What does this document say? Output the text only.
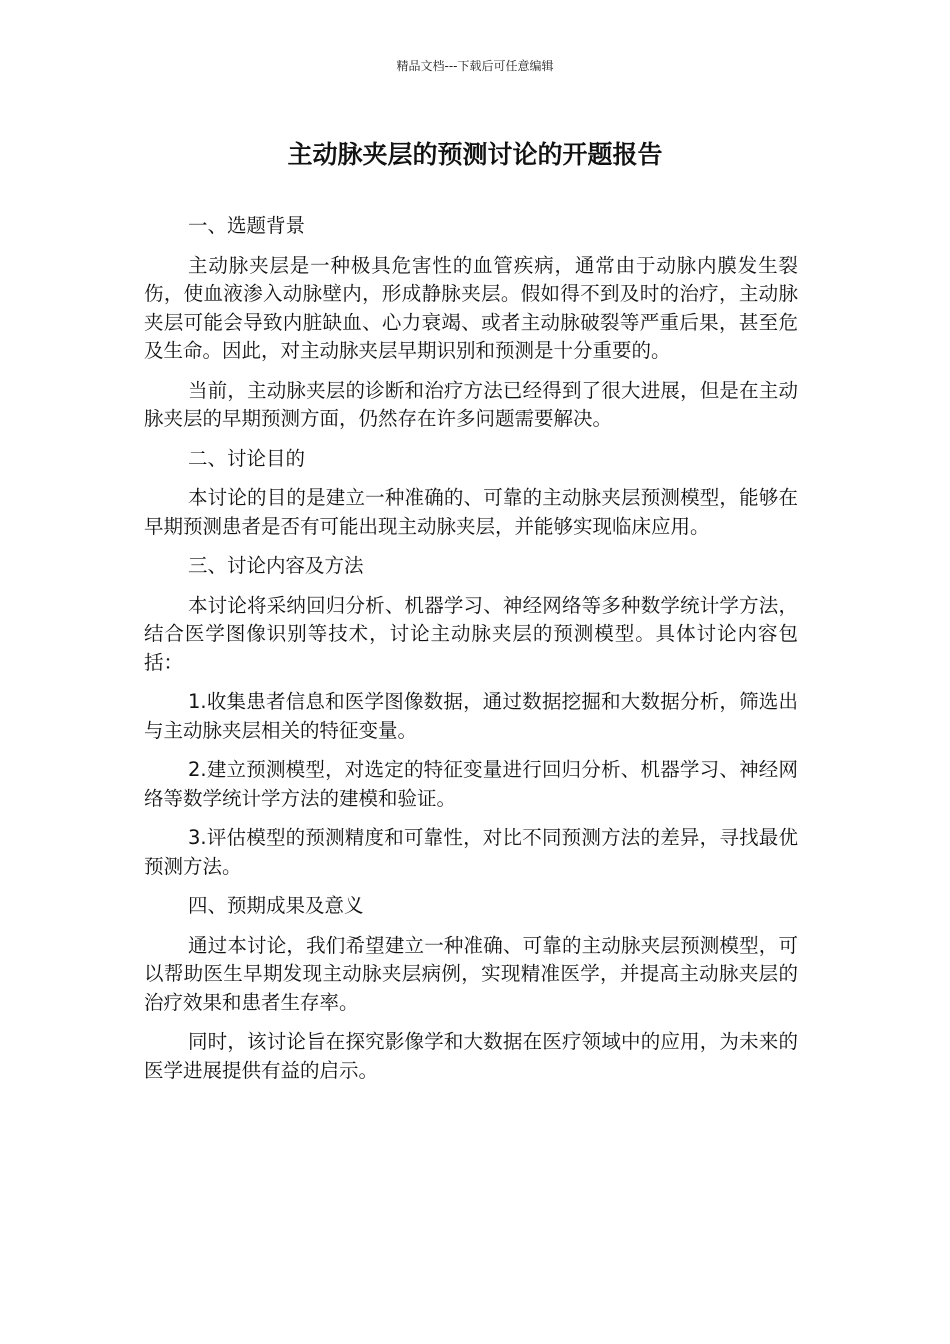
精品文档---下载后可任意编辑
主动脉夹层的预测讨论的开题报告

一、选题背景

主动脉夹层是一种极具危害性的血管疾病，通常由于动脉内膜发生裂伤，使血液渗入动脉壁内，形成静脉夹层。假如得不到及时的治疗，主动脉夹层可能会导致内脏缺血、心力衰竭、或者主动脉破裂等严重后果，甚至危及生命。因此，对主动脉夹层早期识别和预测是十分重要的。

当前，主动脉夹层的诊断和治疗方法已经得到了很大进展，但是在主动脉夹层的早期预测方面，仍然存在许多问题需要解决。

二、讨论目的

本讨论的目的是建立一种准确的、可靠的主动脉夹层预测模型，能够在早期预测患者是否有可能出现主动脉夹层，并能够实现临床应用。

三、讨论内容及方法

本讨论将采纳回归分析、机器学习、神经网络等多种数学统计学方法，结合医学图像识别等技术，讨论主动脉夹层的预测模型。具体讨论内容包括：

1.收集患者信息和医学图像数据，通过数据挖掘和大数据分析，筛选出与主动脉夹层相关的特征变量。

2.建立预测模型，对选定的特征变量进行回归分析、机器学习、神经网络等数学统计学方法的建模和验证。

3.评估模型的预测精度和可靠性，对比不同预测方法的差异，寻找最优预测方法。

四、预期成果及意义

通过本讨论，我们希望建立一种准确、可靠的主动脉夹层预测模型，可以帮助医生早期发现主动脉夹层病例，实现精准医学，并提高主动脉夹层的治疗效果和患者生存率。

同时，该讨论旨在探究影像学和大数据在医疗领域中的应用，为未来的医学进展提供有益的启示。
